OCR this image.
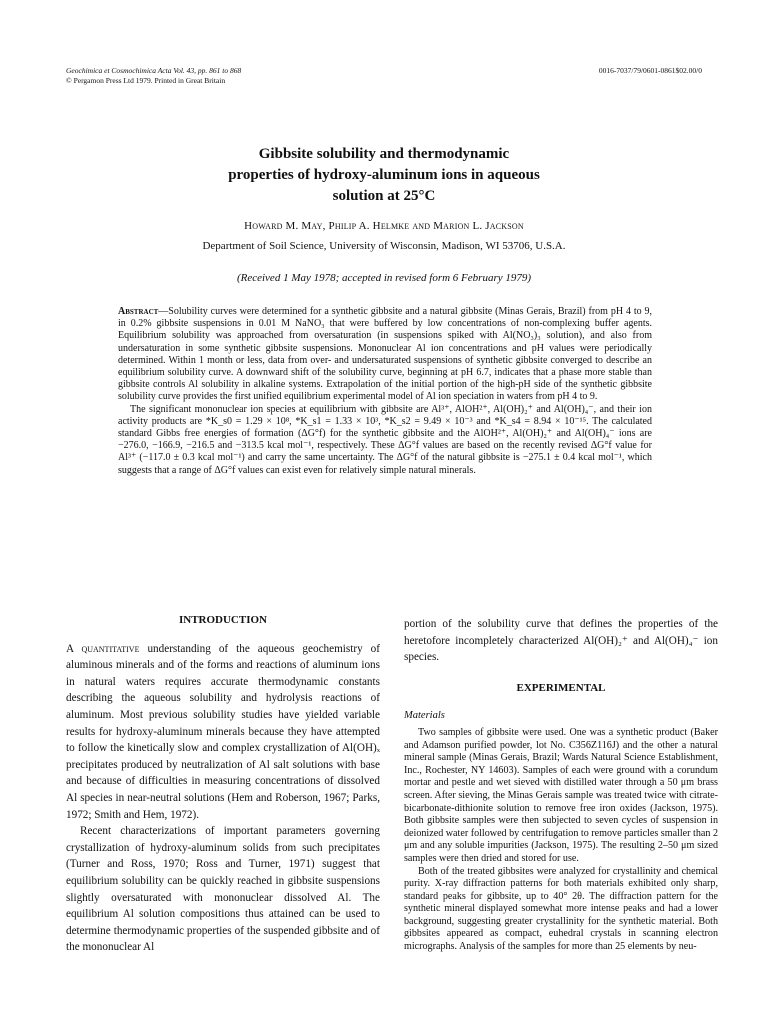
Geochimica et Cosmochimica Acta Vol. 43, pp. 861 to 868
© Pergamon Press Ltd 1979. Printed in Great Britain
0016-7037/79/0601-0861$02.00/0
Gibbsite solubility and thermodynamic
properties of hydroxy-aluminum ions in aqueous
solution at 25°C
Howard M. May, Philip A. Helmke and Marion L. Jackson
Department of Soil Science, University of Wisconsin, Madison, WI 53706, U.S.A.
(Received 1 May 1978; accepted in revised form 6 February 1979)

Abstract—Solubility curves were determined for a synthetic gibbsite and a natural gibbsite (Minas Gerais, Brazil) from pH 4 to 9, in 0.2% gibbsite suspensions in 0.01 M NaNO₃ that were buffered by low concentrations of non-complexing buffer agents. Equilibrium solubility was approached from oversaturation (in suspensions spiked with Al(NO₃)₃ solution), and also from undersaturation in some synthetic gibbsite suspensions. Mononuclear Al ion concentrations and pH values were periodically determined. Within 1 month or less, data from over- and undersaturated suspensions of synthetic gibbsite converged to describe an equilibrium solubility curve. A downward shift of the solubility curve, beginning at pH 6.7, indicates that a phase more stable than gibbsite controls Al solubility in alkaline systems. Extrapolation of the initial portion of the high-pH side of the synthetic gibbsite solubility curve provides the first unified equilibrium experimental model of Al ion speciation in waters from pH 4 to 9.

The significant mononuclear ion species at equilibrium with gibbsite are Al³⁺, AlOH²⁺, Al(OH)₂⁺ and Al(OH)₄⁻, and their ion activity products are *K_s0 = 1.29 × 10⁸, *K_s1 = 1.33 × 10³, *K_s2 = 9.49 × 10⁻³ and *K_s4 = 8.94 × 10⁻¹⁵. The calculated standard Gibbs free energies of formation (ΔG°f) for the synthetic gibbsite and the AlOH²⁺, Al(OH)₂⁺ and Al(OH)₄⁻ ions are −276.0, −166.9, −216.5 and −313.5 kcal mol⁻¹, respectively. These ΔG°f values are based on the recently revised ΔG°f value for Al³⁺ (−117.0 ± 0.3 kcal mol⁻¹) and carry the same uncertainty. The ΔG°f of the natural gibbsite is −275.1 ± 0.4 kcal mol⁻¹, which suggests that a range of ΔG°f values can exist even for relatively simple natural minerals.

INTRODUCTION

A quantitative understanding of the aqueous geochemistry of aluminous minerals and of the forms and reactions of aluminum ions in natural waters requires accurate thermodynamic constants describing the aqueous solubility and hydrolysis reactions of aluminum. Most previous solubility studies have yielded variable results for hydroxy-aluminum minerals because they have attempted to follow the kinetically slow and complex crystallization of Al(OH)ₓ precipitates produced by neutralization of Al salt solutions with base and because of difficulties in measuring concentrations of dissolved Al species in near-neutral solutions (Hem and Roberson, 1967; Parks, 1972; Smith and Hem, 1972).

Recent characterizations of important parameters governing crystallization of hydroxy-aluminum solids from such precipitates (Turner and Ross, 1970; Ross and Turner, 1971) suggest that equilibrium solubility can be quickly reached in gibbsite suspensions slightly oversaturated with mononuclear dissolved Al. The equilibrium Al solution compositions thus attained can be used to determine thermodynamic properties of the suspended gibbsite and of the mononuclear Al

portion of the solubility curve that defines the properties of the heretofore incompletely characterized Al(OH)₂⁺ and Al(OH)₄⁻ ion species.

EXPERIMENTAL
Materials

Two samples of gibbsite were used. One was a synthetic product (Baker and Adamson purified powder, lot No. C356Z116J) and the other a natural mineral sample (Minas Gerais, Brazil; Wards Natural Science Establishment, Inc., Rochester, NY 14603). Samples of each were ground with a corundum mortar and pestle and wet sieved with distilled water through a 50 μm brass screen. After sieving, the Minas Gerais sample was treated twice with citrate-bicarbonate-dithionite solution to remove free iron oxides (Jackson, 1975). Both gibbsite samples were then subjected to seven cycles of suspension in deionized water followed by centrifugation to remove particles smaller than 2 μm and any soluble impurities (Jackson, 1975). The resulting 2–50 μm sized samples were then dried and stored for use.

Both of the treated gibbsites were analyzed for crystallinity and chemical purity. X-ray diffraction patterns for both materials exhibited only sharp, standard peaks for gibbsite, up to 40° 2θ. The diffraction pattern for the synthetic mineral displayed somewhat more intense peaks and had a lower background, suggesting greater crystallinity for the synthetic material. Both gibbsites appeared as compact, euhedral crystals in scanning electron micrographs. Analysis of the samples for more than 25 elements by neu-
